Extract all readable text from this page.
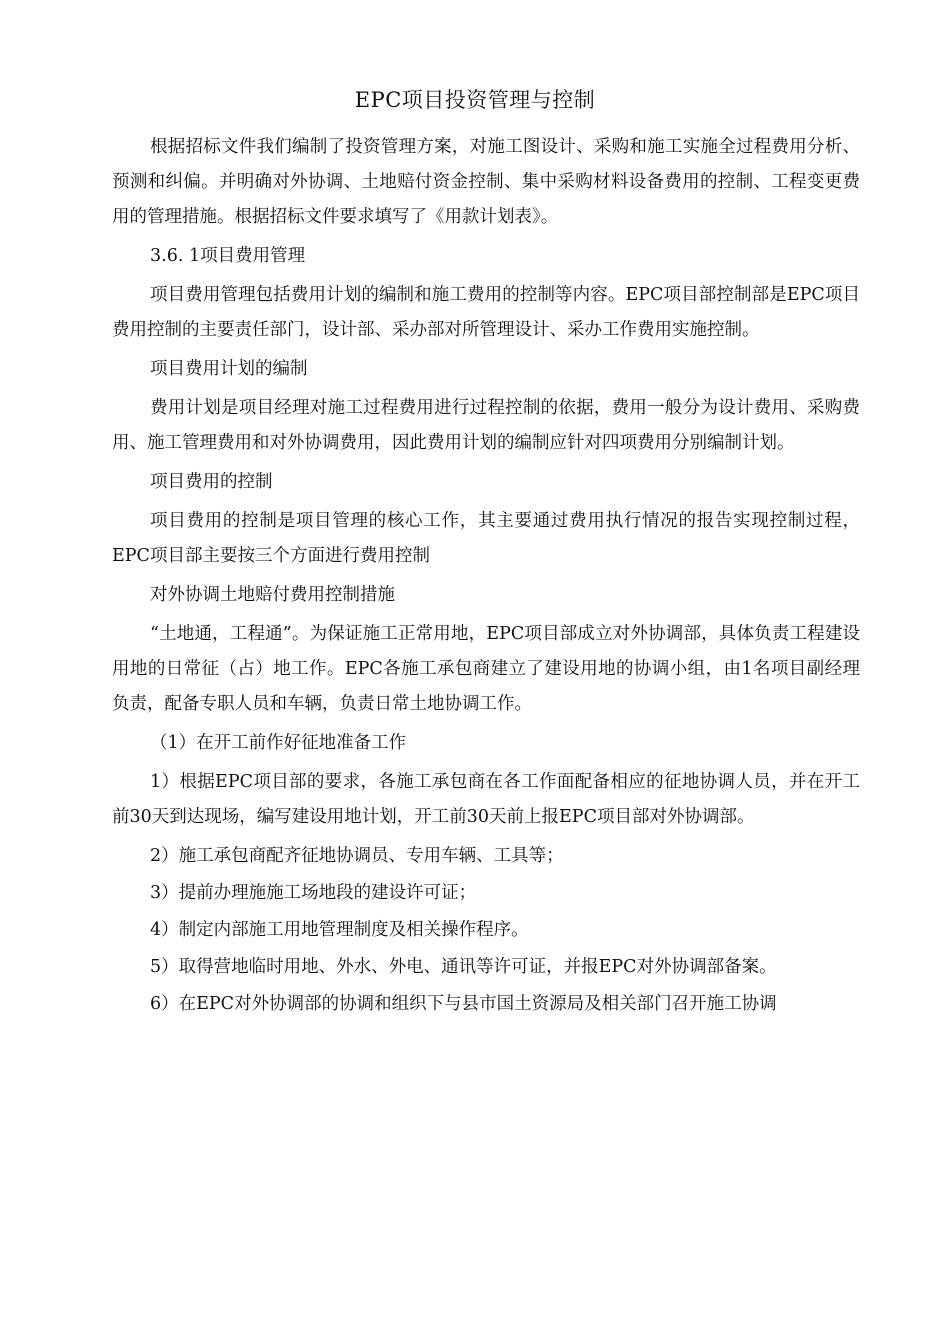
EPC项目投资管理与控制

根据招标文件我们编制了投资管理方案，对施工图设计、采购和施工实施全过程费用分析、预测和纠偏。并明确对外协调、土地赔付资金控制、集中采购材料设备费用的控制、工程变更费用的管理措施。根据招标文件要求填写了《用款计划表》。

3.6. 1项目费用管理

项目费用管理包括费用计划的编制和施工费用的控制等内容。EPC项目部控制部是EPC项目费用控制的主要责任部门，设计部、采办部对所管理设计、采办工作费用实施控制。

项目费用计划的编制

费用计划是项目经理对施工过程费用进行过程控制的依据，费用一般分为设计费用、采购费用、施工管理费用和对外协调费用，因此费用计划的编制应针对四项费用分别编制计划。

项目费用的控制

项目费用的控制是项目管理的核心工作，其主要通过费用执行情况的报告实现控制过程，EPC项目部主要按三个方面进行费用控制

对外协调土地赔付费用控制措施

“土地通，工程通”。为保证施工正常用地，EPC项目部成立对外协调部，具体负责工程建设用地的日常征（占）地工作。EPC各施工承包商建立了建设用地的协调小组，由1名项目副经理负责，配备专职人员和车辆，负责日常土地协调工作。

（1）在开工前作好征地准备工作

1）根据EPC项目部的要求，各施工承包商在各工作面配备相应的征地协调人员，并在开工前30天到达现场，编写建设用地计划，开工前30天前上报EPC项目部对外协调部。

2）施工承包商配齐征地协调员、专用车辆、工具等；

3）提前办理施施工场地段的建设许可证；

4）制定内部施工用地管理制度及相关操作程序。

5）取得营地临时用地、外水、外电、通讯等许可证，并报EPC对外协调部备案。

6）在EPC对外协调部的协调和组织下与县市国土资源局及相关部门召开施工协调
